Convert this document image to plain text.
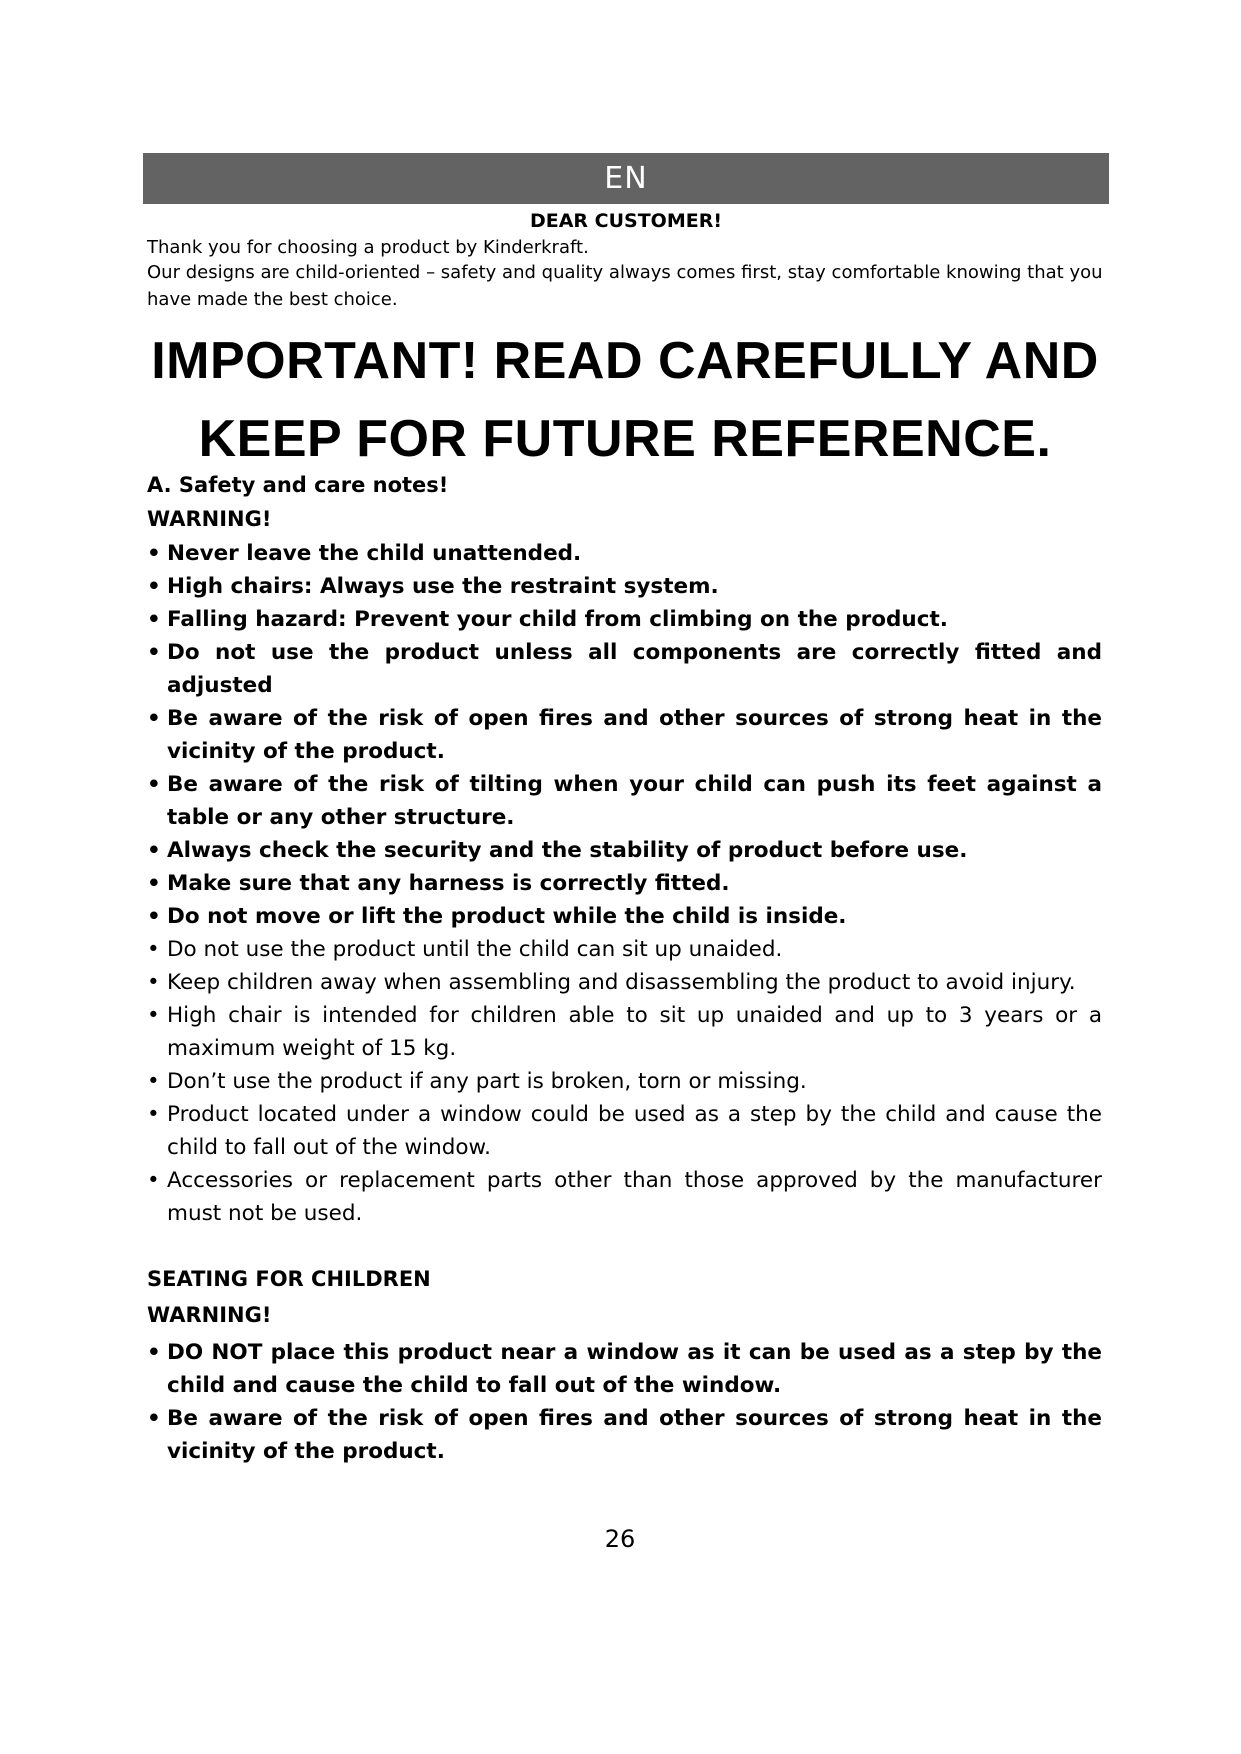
EN
DEAR CUSTOMER!
Thank you for choosing a product by Kinderkraft.
Our designs are child-oriented – safety and quality always comes first, stay comfortable knowing that you
have made the best choice.
IMPORTANT! READ CAREFULLY AND
KEEP FOR FUTURE REFERENCE.
A. Safety and care notes!
WARNING!
• Never leave the child unattended.
• High chairs: Always use the restraint system.
• Falling hazard: Prevent your child from climbing on the product.
• Do not use the product unless all components are correctly fitted and adjusted
• Be aware of the risk of open fires and other sources of strong heat in the vicinity of the product.
• Be aware of the risk of tilting when your child can push its feet against a table or any other structure.
• Always check the security and the stability of product before use.
• Make sure that any harness is correctly fitted.
• Do not move or lift the product while the child is inside.
• Do not use the product until the child can sit up unaided.
• Keep children away when assembling and disassembling the product to avoid injury.
• High chair is intended for children able to sit up unaided and up to 3 years or a maximum weight of 15 kg.
• Don’t use the product if any part is broken, torn or missing.
• Product located under a window could be used as a step by the child and cause the child to fall out of the window.
• Accessories or replacement parts other than those approved by the manufacturer must not be used.
SEATING FOR CHILDREN
WARNING!
• DO NOT place this product near a window as it can be used as a step by the child and cause the child to fall out of the window.
• Be aware of the risk of open fires and other sources of strong heat in the vicinity of the product.
26
